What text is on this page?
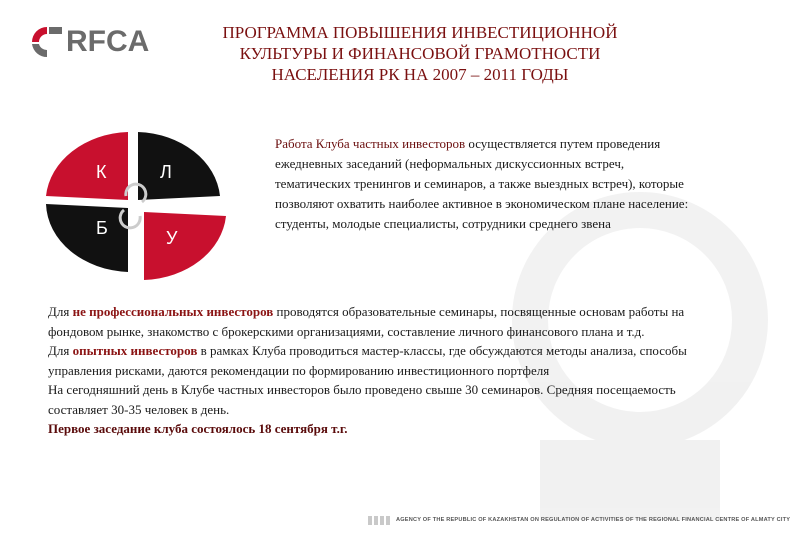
RFCA	ПРОГРАММА ПОВЫШЕНИЯ ИНВЕСТИЦИОННОЙ
КУЛЬТУРЫ И ФИНАНСОВОЙ ГРАМОТНОСТИ
НАСЕЛЕНИЯ РК НА 2007 – 2011 ГОДЫ
К	Л
Б	У
Работа Клуба частных инвесторов осуществляется путем проведения ежедневных заседаний (неформальных дискуссионных встреч, тематических тренингов и семинаров, а также выездных встреч), которые позволяют охватить наиболее активное в экономическом плане население: студенты, молодые специалисты, сотрудники среднего звена

Для не профессиональных инвесторов проводятся образовательные семинары, посвященные основам работы на фондовом рынке, знакомство с брокерскими организациями, составление личного финансового плана и т.д.

Для опытных инвесторов в рамках Клуба проводиться мастер-классы, где обсуждаются методы анализа, способы управления рисками, даются рекомендации по формированию инвестиционного портфеля

На сегодняшний день в Клубе частных инвесторов было проведено свыше 30 семинаров. Средняя посещаемость составляет 30-35 человек в день.

Первое заседание клуба состоялось 18 сентября т.г.

AGENCY OF THE REPUBLIC OF KAZAKHSTAN ON REGULATION OF ACTIVITIES OF THE REGIONAL FINANCIAL CENTRE OF ALMATY CITY
